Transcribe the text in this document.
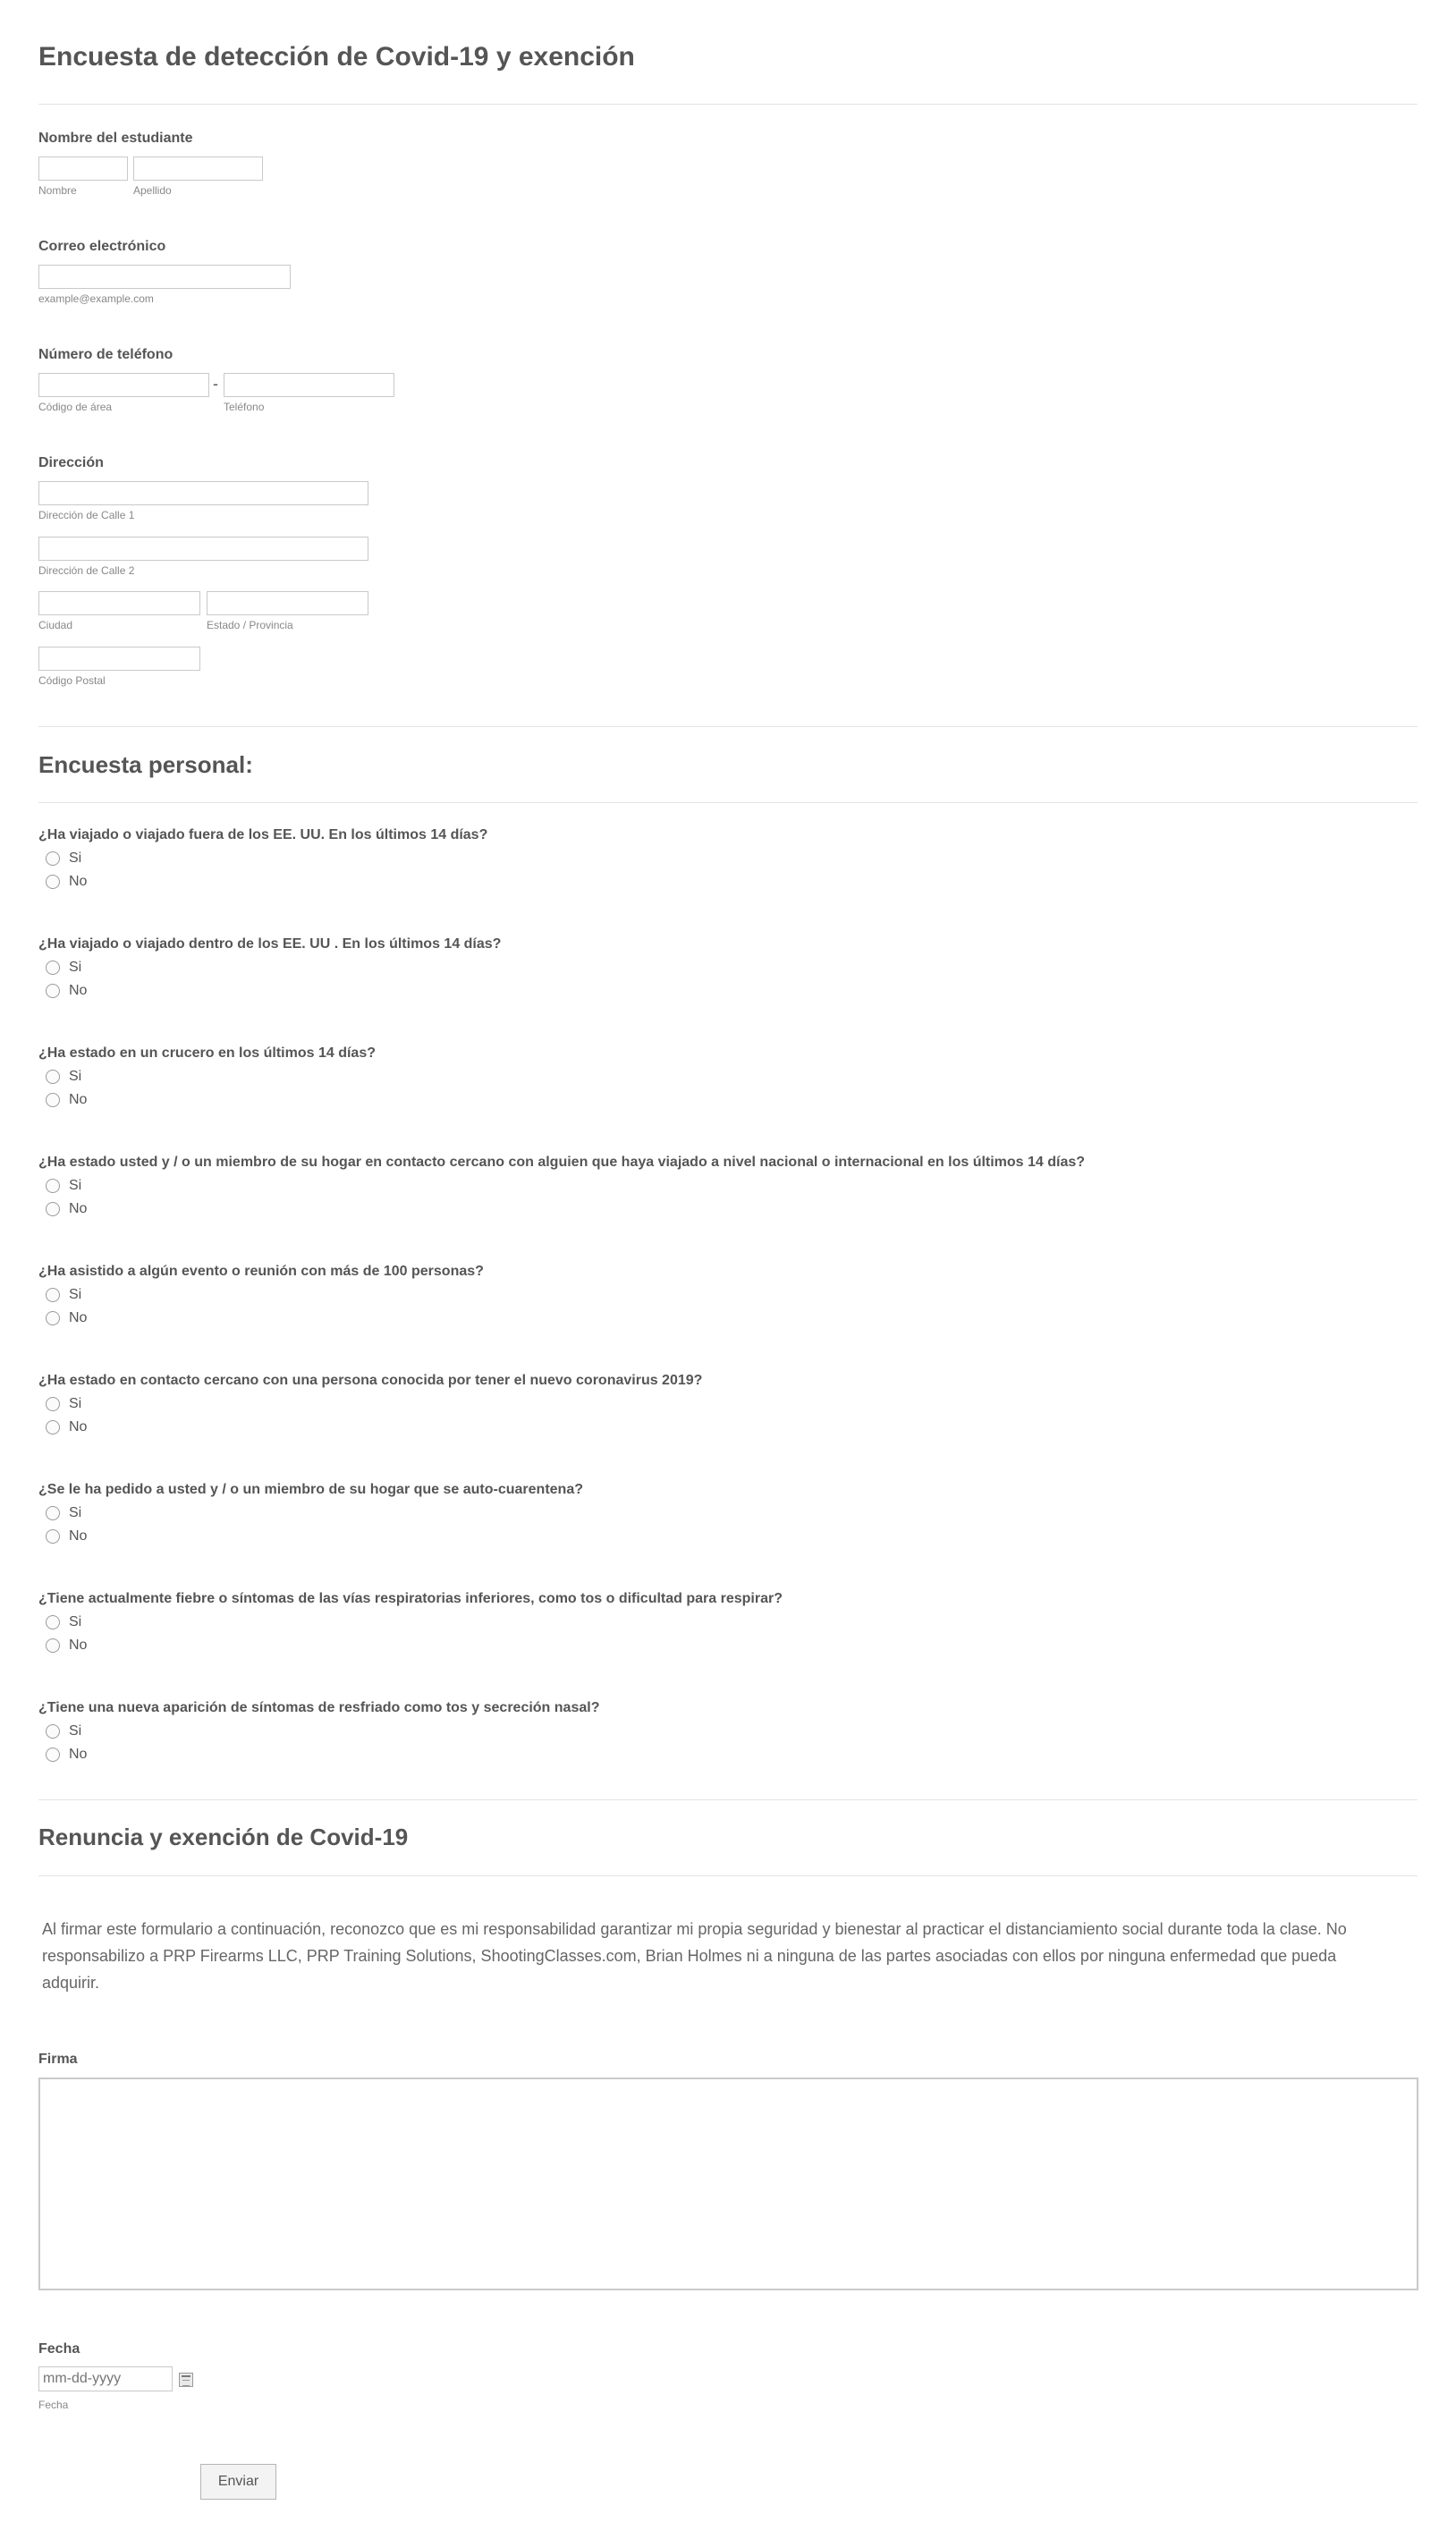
Encuesta de detección de Covid-19 y exención
Nombre del estudiante
Nombre	Apellido
Correo electrónico
example@example.com
Número de teléfono
-
Código de área	Teléfono
Dirección
Dirección de Calle 1
Dirección de Calle 2
Ciudad	Estado / Provincia
Código Postal
Encuesta personal:
¿Ha viajado o viajado fuera de los EE. UU. En los últimos 14 días?
Si
No
¿Ha viajado o viajado dentro de los EE. UU . En los últimos 14 días?
Si
No
¿Ha estado en un crucero en los últimos 14 días?
Si
No
¿Ha estado usted y / o un miembro de su hogar en contacto cercano con alguien que haya viajado a nivel nacional o internacional en los últimos 14 días?
Si
No
¿Ha asistido a algún evento o reunión con más de 100 personas?
Si
No
¿Ha estado en contacto cercano con una persona conocida por tener el nuevo coronavirus 2019?
Si
No
¿Se le ha pedido a usted y / o un miembro de su hogar que se auto-cuarentena?
Si
No
¿Tiene actualmente fiebre o síntomas de las vías respiratorias inferiores, como tos o dificultad para respirar?
Si
No
¿Tiene una nueva aparición de síntomas de resfriado como tos y secreción nasal?
Si
No
Renuncia y exención de Covid-19
Al firmar este formulario a continuación, reconozco que es mi responsabilidad garantizar mi propia seguridad y bienestar al practicar el distanciamiento social durante toda la clase. No responsabilizo a PRP Firearms LLC, PRP Training Solutions, ShootingClasses.com, Brian Holmes ni a ninguna de las partes asociadas con ellos por ninguna enfermedad que pueda adquirir.
Firma
Fecha
mm-dd-yyyy
Fecha
Enviar
